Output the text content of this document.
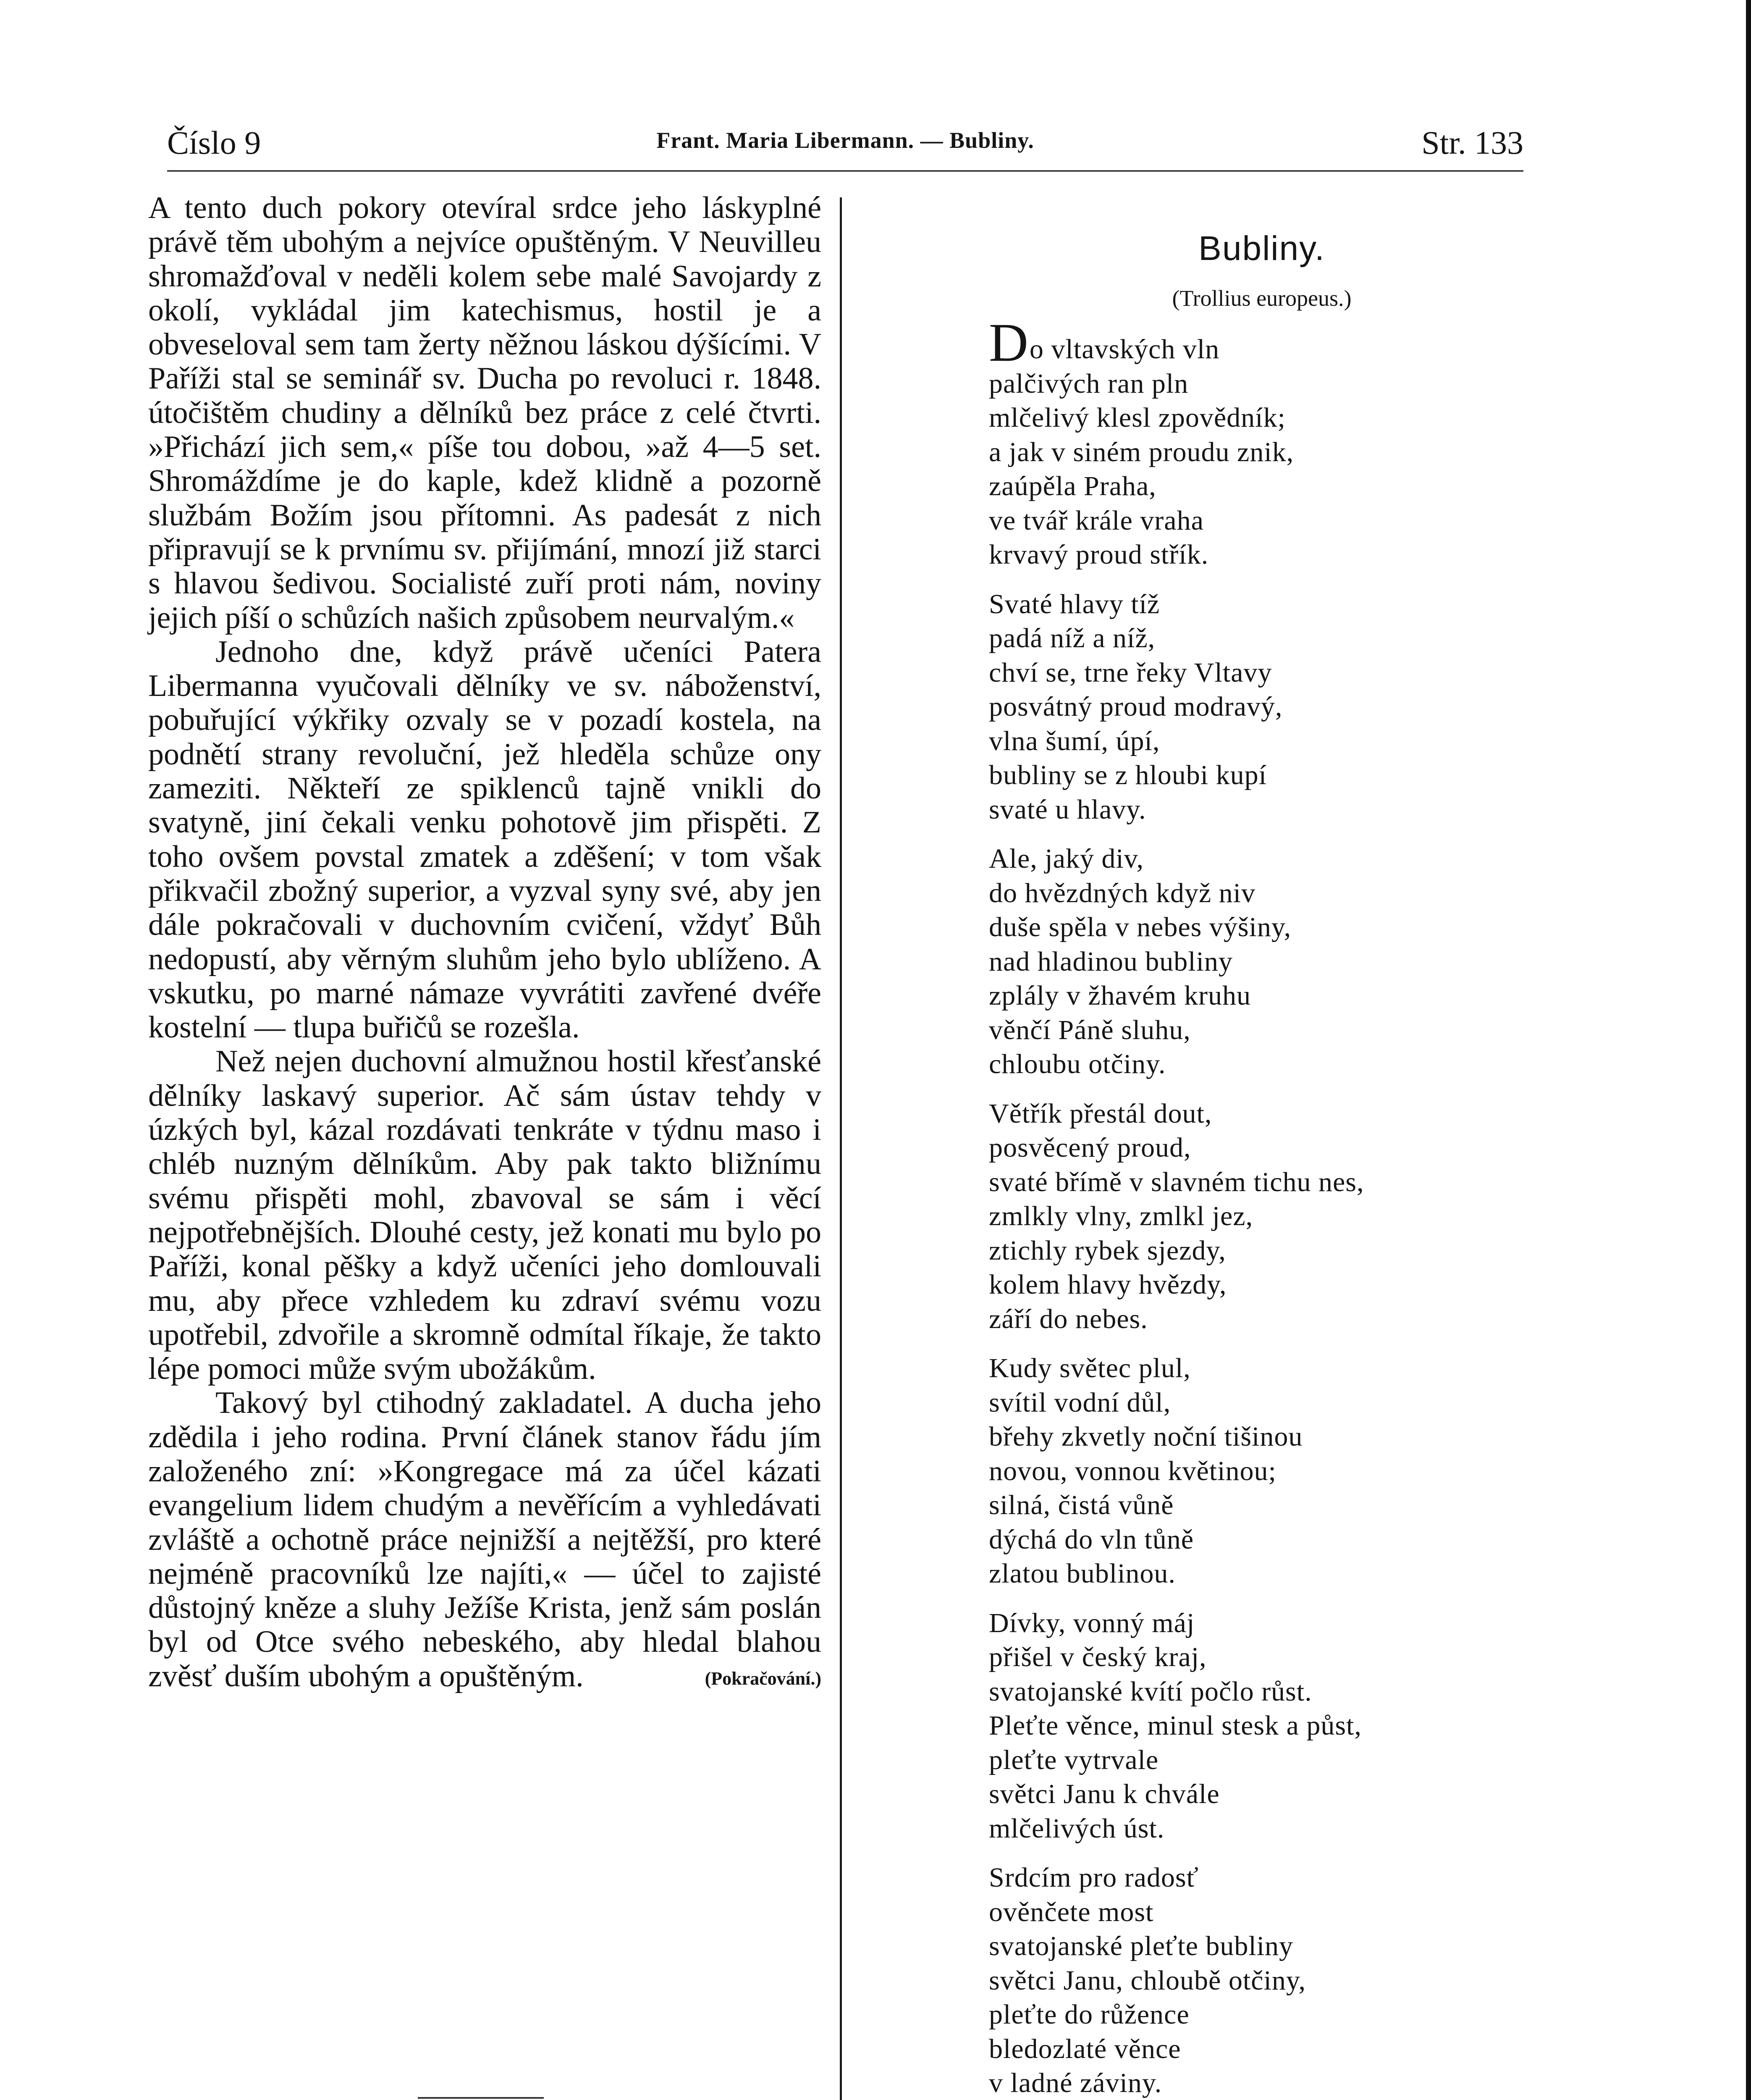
Číslo 9	Frant. Maria Libermann. — Bubliny.	Str. 133

A tento duch pokory otevíral srdce jeho láskyplné právě těm ubohým a nejvíce opuštěným. V Neuvilleu shromažďoval v neděli kolem sebe malé Savojardy z okolí, vykládal jim katechismus, hostil je a obveseloval sem tam žerty něžnou láskou dýšícími. V Paříži stal se seminář sv. Ducha po revoluci r. 1848. útočištěm chudiny a dělníků bez práce z celé čtvrti. »Přichází jich sem,« píše tou dobou, »až 4—5 set. Shromáždíme je do kaple, kdež klidně a pozorně službám Božím jsou přítomni. As padesát z nich připravují se k prvnímu sv. přijímání, mnozí již starci s hlavou šedivou. Socialisté zuří proti nám, noviny jejich píší o schůzích našich způsobem neurvalým.«

Jednoho dne, když právě učeníci Patera Libermanna vyučovali dělníky ve sv. náboženství, pobuřující výkřiky ozvaly se v pozadí kostela, na podnětí strany revoluční, jež hleděla schůze ony zameziti. Někteří ze spiklenců tajně vnikli do svatyně, jiní čekali venku pohotově jim přispěti. Z toho ovšem povstal zmatek a zděšení; v tom však přikvačil zbožný superior, a vyzval syny své, aby jen dále pokračovali v duchovním cvičení, vždyť Bůh nedopustí, aby věrným sluhům jeho bylo ublíženo. A vskutku, po marné námaze vyvrátiti zavřené dvéře kostelní — tlupa buřičů se rozešla.

Než nejen duchovní almužnou hostil křesťanské dělníky laskavý superior. Ač sám ústav tehdy v úzkých byl, kázal rozdávati tenkráte v týdnu maso i chléb nuzným dělníkům. Aby pak takto bližnímu svému přispěti mohl, zbavoval se sám i věcí nejpotřebnějších. Dlouhé cesty, jež konati mu bylo po Paříži, konal pěšky a když učeníci jeho domlouvali mu, aby přece vzhledem ku zdraví svému vozu upotřebil, zdvořile a skromně odmítal říkaje, že takto lépe pomoci může svým ubožákům.

Takový byl ctihodný zakladatel. A ducha jeho zdědila i jeho rodina. První článek stanov řádu jím založeného zní: »Kongregace má za účel kázati evangelium lidem chudým a nevěřícím a vyhledávati zvláště a ochotně práce nejnižší a nejtěžší, pro které nejméně pracovníků lze najíti,« — účel to zajisté důstojný kněze a sluhy Ježíše Krista, jenž sám poslán byl od Otce svého nebeského, aby hledal blahou zvěsť duším ubohým a opuštěným.	(Pokračování.)
Bubliny.
(Trollius europeus.)
Do vltavských vln
palčivých ran pln
mlčelivý klesl zpovědník;
a jak v siném proudu znik,
zaúpěla Praha,
ve tvář krále vraha
krvavý proud střík.
Svaté hlavy tíž
padá níž a níž,
chví se, trne řeky Vltavy
posvátný proud modravý,
vlna šumí, úpí,
bubliny se z hloubi kupí
svaté u hlavy.
Ale, jaký div,
do hvězdných když niv
duše spěla v nebes výšiny,
nad hladinou bubliny
zplály v žhavém kruhu
věnčí Páně sluhu,
chloubu otčiny.
Větřík přestál dout,
posvěcený proud,
svaté břímě v slavném tichu nes,
zmlkly vlny, zmlkl jez,
ztichly rybek sjezdy,
kolem hlavy hvězdy,
září do nebes.
Kudy světec plul,
svítil vodní důl,
břehy zkvetly noční tišinou
novou, vonnou květinou;
silná, čistá vůně
dýchá do vln tůně
zlatou bublinou.
Dívky, vonný máj
přišel v český kraj,
svatojanské kvítí počlo růst.
Pleťte věnce, minul stesk a půst,
pleťte vytrvale
světci Janu k chvále
mlčelivých úst.
Srdcím pro radosť
ověnčete most
svatojanské pleťte bubliny
světci Janu, chloubě otčiny,
pleťte do růžence
bledozlaté věnce
v ladné záviny.
